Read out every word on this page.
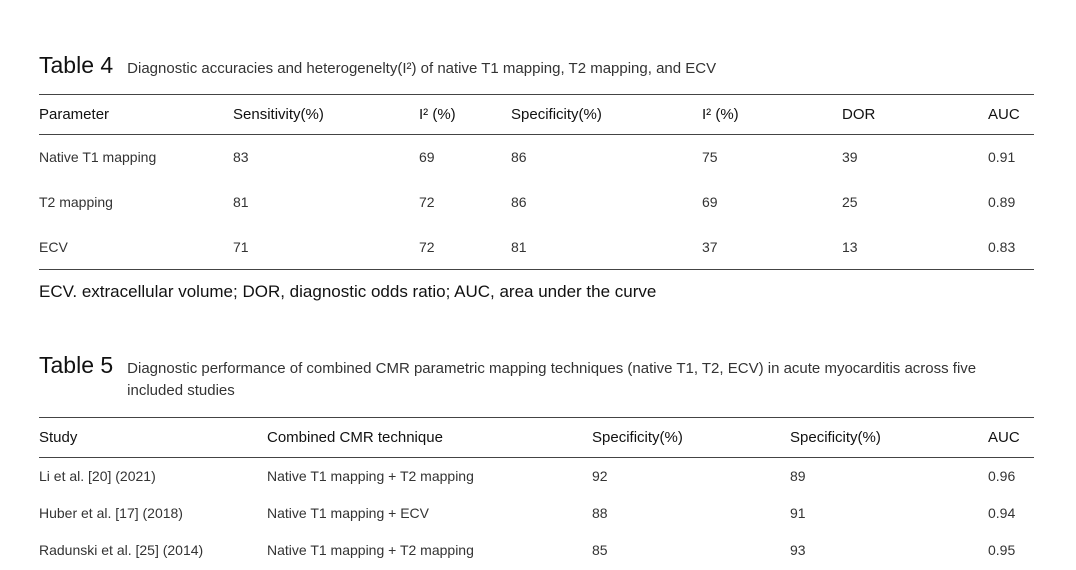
Table 4 Diagnostic accuracies and heterogenelty(I²) of native T1 mapping, T2 mapping, and ECV
Parameter	Sensitivity(%)	I² (%)	Specificity(%)	I² (%)	DOR	AUC
Native T1 mapping	83	69	86	75	39	0.91
T2 mapping	81	72	86	69	25	0.89
ECV	71	72	81	37	13	0.83
ECV. extracellular volume; DOR, diagnostic odds ratio; AUC, area under the curve
Table 5 Diagnostic performance of combined CMR parametric mapping techniques (native T1, T2, ECV) in acute myocarditis across five included studies
Study	Combined CMR technique	Specificity(%)	Specificity(%)	AUC
Li et al. [20] (2021)	Native T1 mapping + T2 mapping	92	89	0.96
Huber et al. [17] (2018)	Native T1 mapping + ECV	88	91	0.94
Radunski et al. [25] (2014)	Native T1 mapping + T2 mapping	85	93	0.95
